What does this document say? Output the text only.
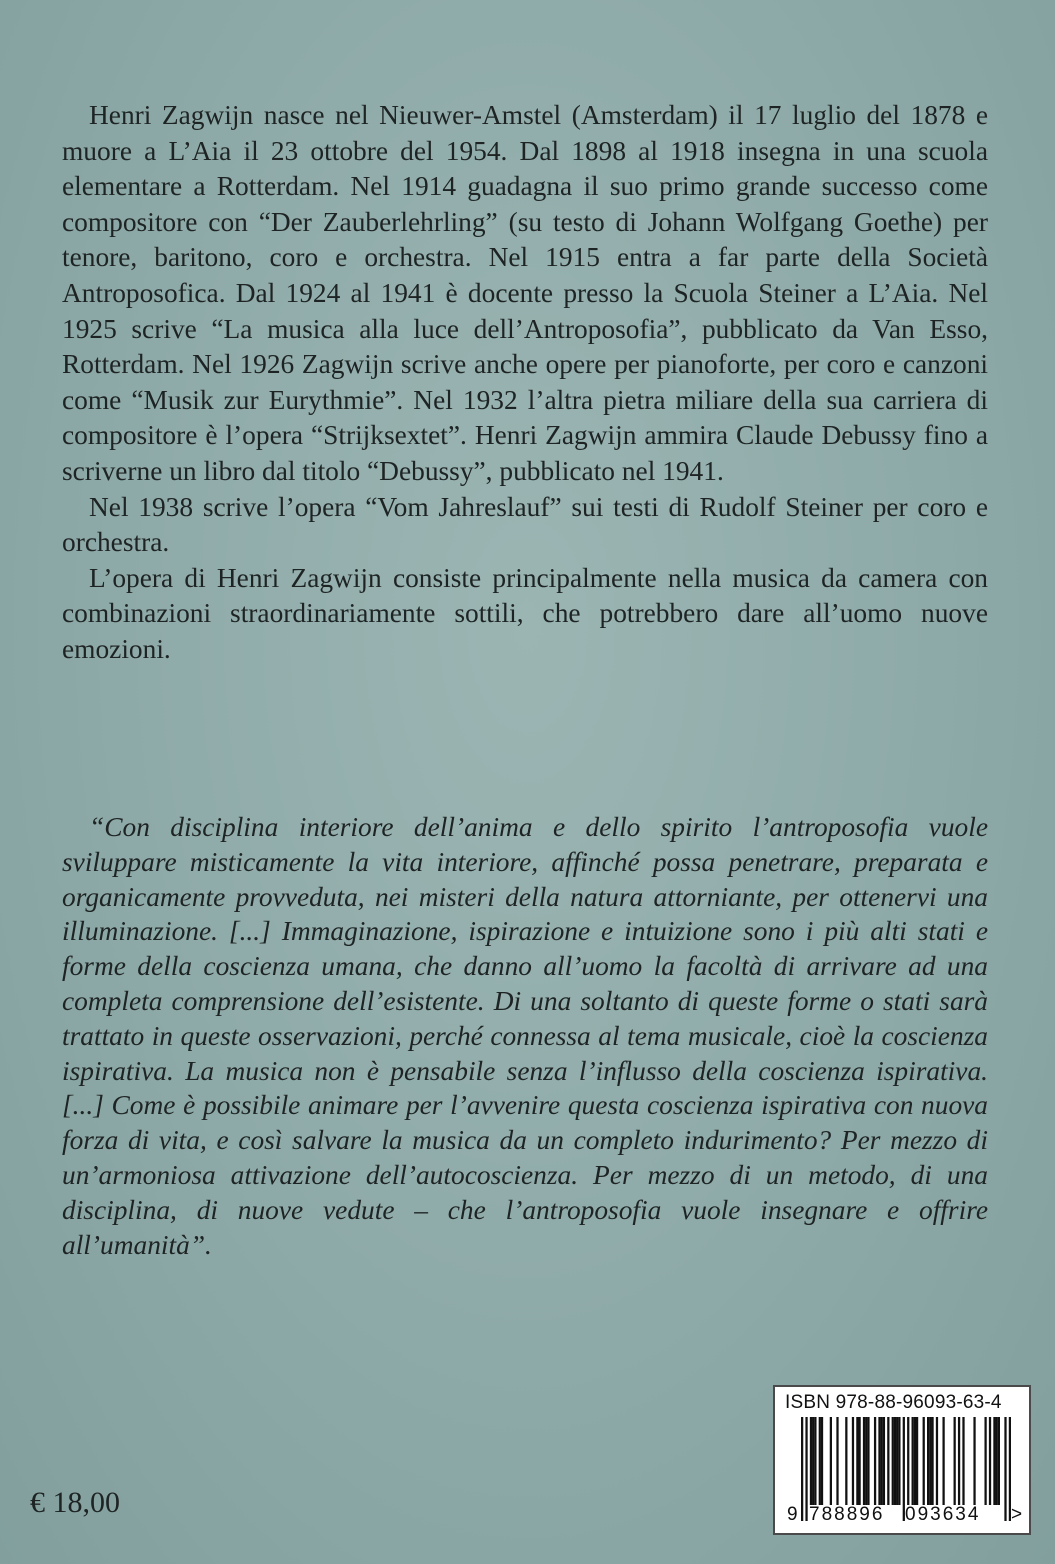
Henri Zagwijn nasce nel Nieuwer-Amstel (Amsterdam) il 17 luglio del 1878 e muore a L’Aia il 23 ottobre del 1954. Dal 1898 al 1918 insegna in una scuola elementare a Rotterdam. Nel 1914 guadagna il suo primo grande successo come compositore con “Der Zauberlehrling” (su testo di Johann Wolfgang Goethe) per tenore, baritono, coro e orchestra. Nel 1915 entra a far parte della Società Antroposofica. Dal 1924 al 1941 è docente presso la Scuola Steiner a L’Aia. Nel 1925 scrive “La musica alla luce dell’Antroposofia”, pubblicato da Van Esso, Rotterdam. Nel 1926 Zagwijn scrive anche opere per pianoforte, per coro e canzoni come “Musik zur Eurythmie”. Nel 1932 l’altra pietra miliare della sua carriera di compositore è l’opera “Strijksextet”. Henri Zagwijn ammira Claude Debussy fino a scriverne un libro dal titolo “Debussy”, pubblicato nel 1941.

Nel 1938 scrive l’opera “Vom Jahreslauf” sui testi di Rudolf Steiner per coro e orchestra.

L’opera di Henri Zagwijn consiste principalmente nella musica da camera con combinazioni straordinariamente sottili, che potrebbero dare all’uomo nuove emozioni.

“Con disciplina interiore dell’anima e dello spirito l’antroposofia vuole sviluppare misticamente la vita interiore, affinché possa penetrare, preparata e organicamente provveduta, nei misteri della natura attorniante, per ottenervi una illuminazione. [...] Immaginazione, ispirazione e intuizione sono i più alti stati e forme della coscienza umana, che danno all’uomo la facoltà di arrivare ad una completa comprensione dell’esistente. Di una soltanto di queste forme o stati sarà trattato in queste osservazioni, perché connessa al tema musicale, cioè la coscienza ispirativa. La musica non è pensabile senza l’influsso della coscienza ispirativa. [...] Come è possibile animare per l’avvenire questa coscienza ispirativa con nuova forza di vita, e così salvare la musica da un completo indurimento? Per mezzo di un’armoniosa attivazione dell’autocoscienza. Per mezzo di un metodo, di una disciplina, di nuove vedute – che l’antroposofia vuole insegnare e offrire all’umanità”.

€ 18,00
ISBN 978-88-96093-63-4
9 788896 093634 >
